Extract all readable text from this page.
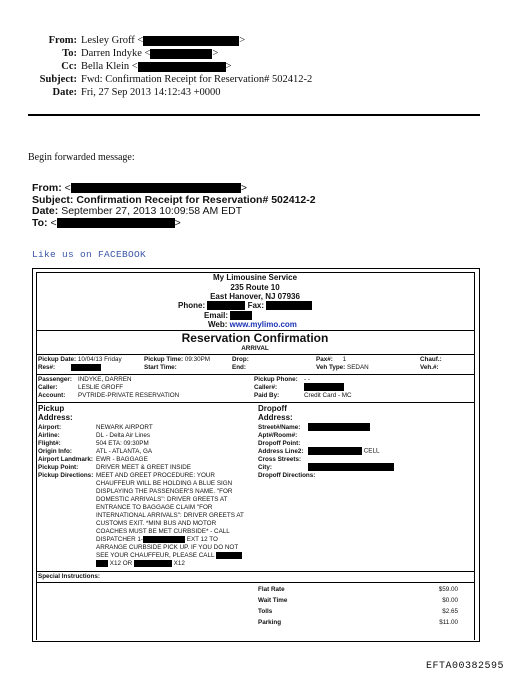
From: Lesley Groff <	>
To: Darren Indyke <	>
Cc: Bella Klein <	>
Subject: Fwd: Confirmation Receipt for Reservation# 502412-2
Date: Fri, 27 Sep 2013 14:12:43 +0000
Begin forwarded message:
From: <	>
Subject: Confirmation Receipt for Reservation# 502412-2
Date: September 27, 2013 10:09:58 AM EDT
To: <	>
Like us on FACEBOOK
My Limousine Service
235 Route 10
East Hanover, NJ 07936
Phone:	Fax:
Email:
Web: www.mylimo.com
Reservation Confirmation
ARRIVAL
Pickup Date: 10/04/13 Friday	Pickup Time: 09:30PM	Drop:	Pax#: 1	Chauf.:
Res#:	Start Time:	End:	Veh Type: SEDAN	Veh.#:
Passenger: INDYKE, DARREN
Caller:	LESLIE GROFF
Account: PVTRIDE-PRIVATE RESERVATION
Pickup Phone: - -
Caller#:
Paid By:	Credit Card - MC
Pickup
Address:
Airport:	NEWARK AIRPORT
Airline:	DL - Delta Air Lines
Flight#:	504 ETA: 09:30PM
Origin Info:	ATL - ATLANTA, GA
Airport Landmark: EWR - BAGGAGE
Pickup Point:	DRIVER MEET & GREET INSIDE
Pickup Directions: MEET AND GREET PROCEDURE: YOUR
CHAUFFEUR WILL BE HOLDING A BLUE SIGN
DISPLAYING THE PASSENGER'S NAME. "FOR
DOMESTIC ARRIVALS": DRIVER GREETS AT
ENTRANCE TO BAGGAGE CLAIM "FOR
INTERNATIONAL ARRIVALS": DRIVER GREETS AT
CUSTOMS EXIT. *MINI BUS AND MOTOR
COACHES MUST BE MET CURBSIDE* - CALL
DISPATCHER 1-	EXT 12 TO
ARRANGE CURBSIDE PICK UP. IF YOU DO NOT
SEE YOUR CHAUFFEUR, PLEASE CALL
X12 OR	X12
Dropoff
Address:
Street#/Name:
Apt#/Room#:
Dropoff Point:
Address Line2:	CELL
Cross Streets:
City:
Dropoff Directions:
Special Instructions:
Flat Rate	$59.00
Wait Time	$0.00
Tolls	$2.65
Parking	$11.00
EFTA00382595
